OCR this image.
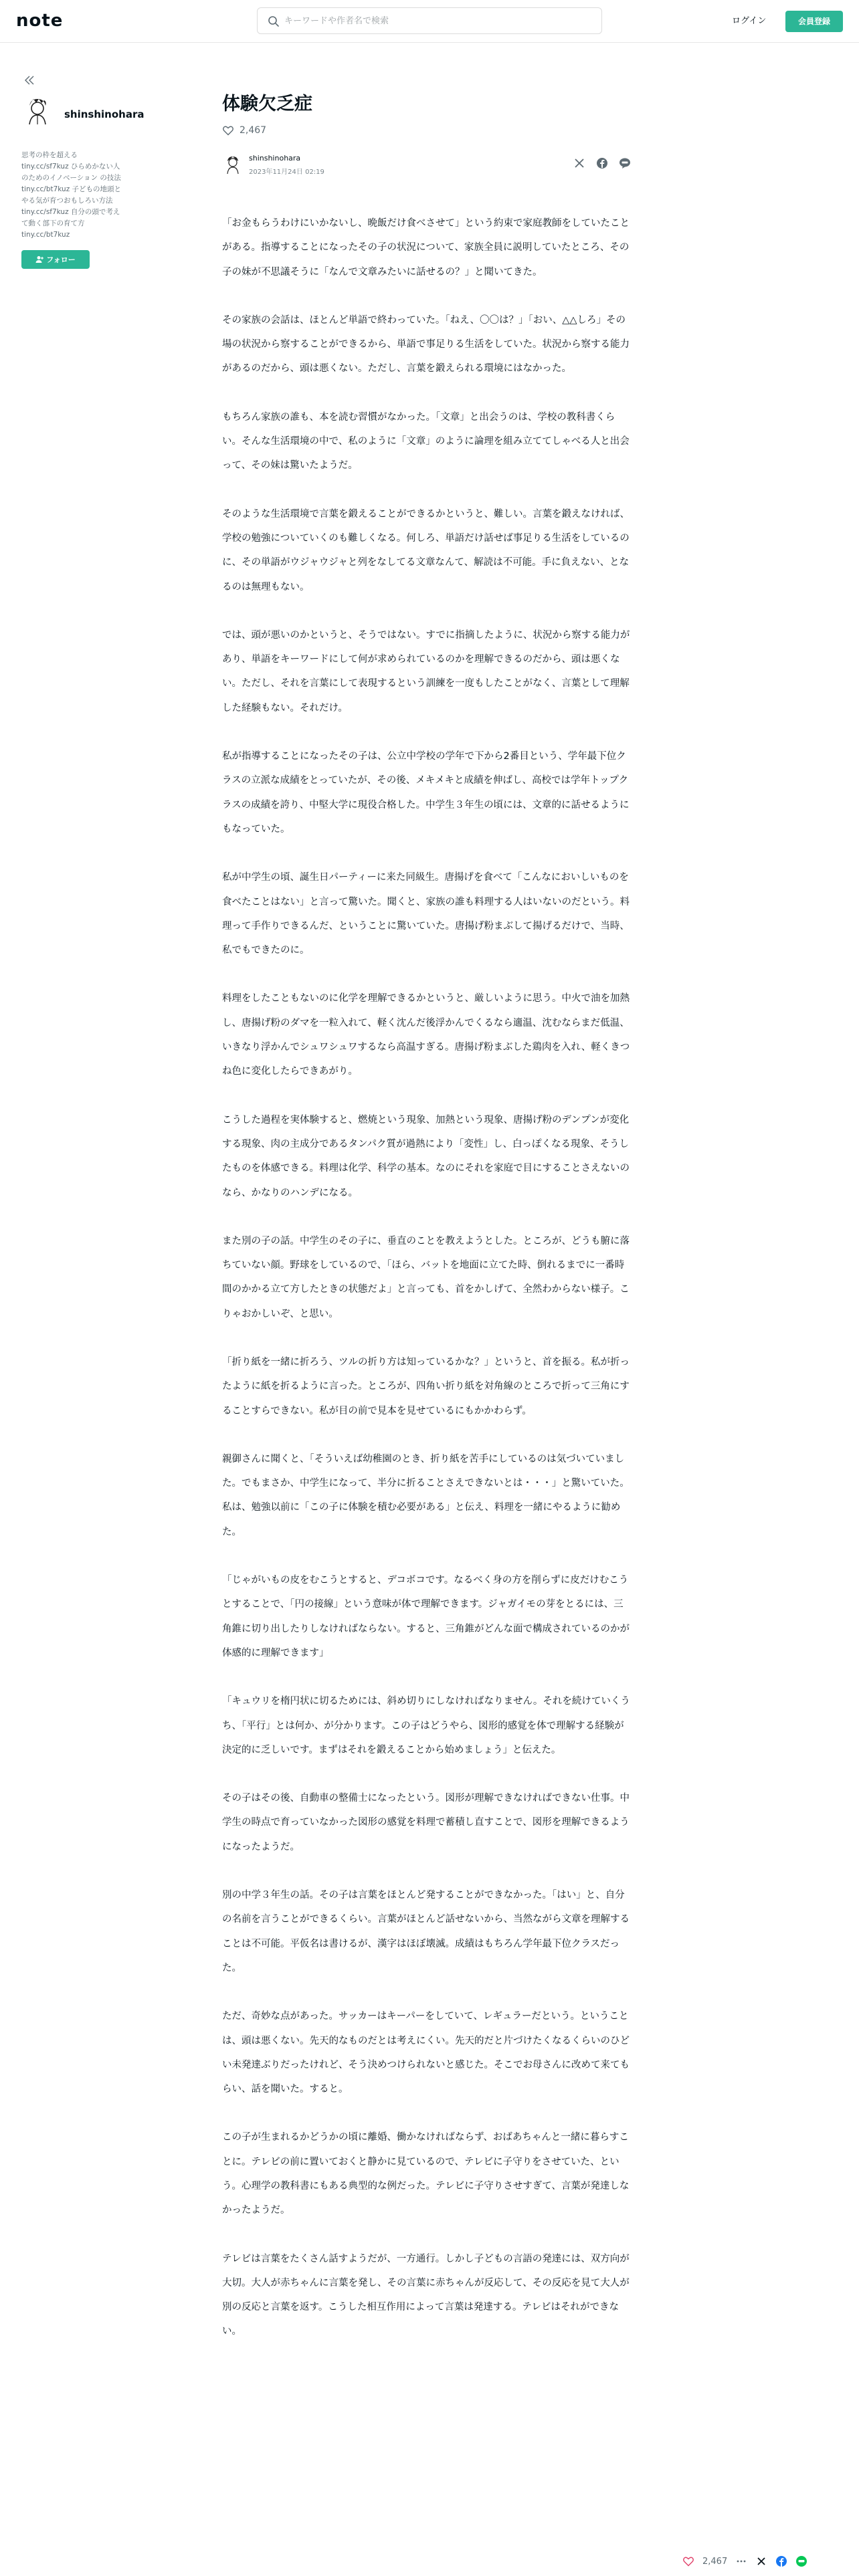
note
キーワードや作者名で検索	ログイン	会員登録
shinshinohara
思考の枠を超える tiny.cc/sf7kuz ひらめかない人のためのイノベーション の技法 tiny.cc/bt7kuz 子どもの地頭とやる気が育つおもしろい方法 tiny.cc/sf7kuz 自分の頭で考えて動く部下の育て方 tiny.cc/bt7kuz
フォロー
体験欠乏症
2,467
shinshinohara
2023年11月24日 02:19

「お金もらうわけにいかないし、晩飯だけ食べさせて」という約束で家庭教師をしていたことがある。指導することになったその子の状況について、家族全員に説明していたところ、その子の妹が不思議そうに「なんで文章みたいに話せるの？」と聞いてきた。

その家族の会話は、ほとんど単語で終わっていた。「ねえ、〇〇は？」「おい、△△しろ」その場の状況から察することができるから、単語で事足りる生活をしていた。状況から察する能力があるのだから、頭は悪くない。ただし、言葉を鍛えられる環境にはなかった。

もちろん家族の誰も、本を読む習慣がなかった。「文章」と出会うのは、学校の教科書くらい。そんな生活環境の中で、私のように「文章」のように論理を組み立ててしゃべる人と出会って、その妹は驚いたようだ。

そのような生活環境で言葉を鍛えることができるかというと、難しい。言葉を鍛えなければ、学校の勉強についていくのも難しくなる。何しろ、単語だけ話せば事足りる生活をしているのに、その単語がウジャウジャと列をなしてる文章なんて、解読は不可能。手に負えない、となるのは無理もない。

では、頭が悪いのかというと、そうではない。すでに指摘したように、状況から察する能力があり、単語をキーワードにして何が求められているのかを理解できるのだから、頭は悪くない。ただし、それを言葉にして表現するという訓練を一度もしたことがなく、言葉として理解した経験もない。それだけ。

私が指導することになったその子は、公立中学校の学年で下から2番目という、学年最下位クラスの立派な成績をとっていたが、その後、メキメキと成績を伸ばし、高校では学年トップクラスの成績を誇り、中堅大学に現役合格した。中学生３年生の頃には、文章的に話せるようにもなっていた。

私が中学生の頃、誕生日パーティーに来た同級生。唐揚げを食べて「こんなにおいしいものを食べたことはない」と言って驚いた。聞くと、家族の誰も料理する人はいないのだという。料理って手作りできるんだ、ということに驚いていた。唐揚げ粉まぶして揚げるだけで、当時、私でもできたのに。

料理をしたこともないのに化学を理解できるかというと、厳しいように思う。中火で油を加熱し、唐揚げ粉のダマを一粒入れて、軽く沈んだ後浮かんでくるなら適温、沈むならまだ低温、いきなり浮かんでシュワシュワするなら高温すぎる。唐揚げ粉まぶした鶏肉を入れ、軽くきつね色に変化したらできあがり。

こうした過程を実体験すると、燃焼という現象、加熱という現象、唐揚げ粉のデンプンが変化する現象、肉の主成分であるタンパク質が過熱により「変性」し、白っぽくなる現象、そうしたものを体感できる。料理は化学、科学の基本。なのにそれを家庭で目にすることさえないのなら、かなりのハンデになる。

また別の子の話。中学生のその子に、垂直のことを教えようとした。ところが、どうも腑に落ちていない顔。野球をしているので、「ほら、バットを地面に立てた時、倒れるまでに一番時間のかかる立て方したときの状態だよ」と言っても、首をかしげて、全然わからない様子。こりゃおかしいぞ、と思い。

「折り紙を一緒に折ろう、ツルの折り方は知っているかな？」というと、首を振る。私が折ったように紙を折るように言った。ところが、四角い折り紙を対角線のところで折って三角にすることすらできない。私が目の前で見本を見せているにもかかわらず。

親御さんに聞くと、「そういえば幼稚園のとき、折り紙を苦手にしているのは気づいていました。でもまさか、中学生になって、半分に折ることさえできないとは・・・」と驚いていた。私は、勉強以前に「この子に体験を積む必要がある」と伝え、料理を一緒にやるように勧めた。

「じゃがいもの皮をむこうとすると、デコボコです。なるべく身の方を削らずに皮だけむこうとすることで、「円の接線」という意味が体で理解できます。ジャガイモの芽をとるには、三角錐に切り出したりしなければならない。すると、三角錐がどんな面で構成されているのかが体感的に理解できます」

「キュウリを楕円状に切るためには、斜め切りにしなければなりません。それを続けていくうち、「平行」とは何か、が分かります。この子はどうやら、図形的感覚を体で理解する経験が決定的に乏しいです。まずはそれを鍛えることから始めましょう」と伝えた。

その子はその後、自動車の整備士になったという。図形が理解できなければできない仕事。中学生の時点で育っていなかった図形の感覚を料理で蓄積し直すことで、図形を理解できるようになったようだ。

別の中学３年生の話。その子は言葉をほとんど発することができなかった。「はい」と、自分の名前を言うことができるくらい。言葉がほとんど話せないから、当然ながら文章を理解することは不可能。平仮名は書けるが、漢字はほぼ壊滅。成績はもちろん学年最下位クラスだった。

ただ、奇妙な点があった。サッカーはキーパーをしていて、レギュラーだという。ということは、頭は悪くない。先天的なものだとは考えにくい。先天的だと片づけたくなるくらいのひどい未発達ぶりだったけれど、そう決めつけられないと感じた。そこでお母さんに改めて来てもらい、話を聞いた。すると。

この子が生まれるかどうかの頃に離婚、働かなければならず、おばあちゃんと一緒に暮らすことに。テレビの前に置いておくと静かに見ているので、テレビに子守りをさせていた、という。心理学の教科書にもある典型的な例だった。テレビに子守りさせすぎて、言葉が発達しなかったようだ。

テレビは言葉をたくさん話すようだが、一方通行。しかし子どもの言語の発達には、双方向が大切。大人が赤ちゃんに言葉を発し、その言葉に赤ちゃんが反応して、その反応を見て大人が別の反応と言葉を返す。こうした相互作用によって言葉は発達する。テレビはそれができない。

2,467
